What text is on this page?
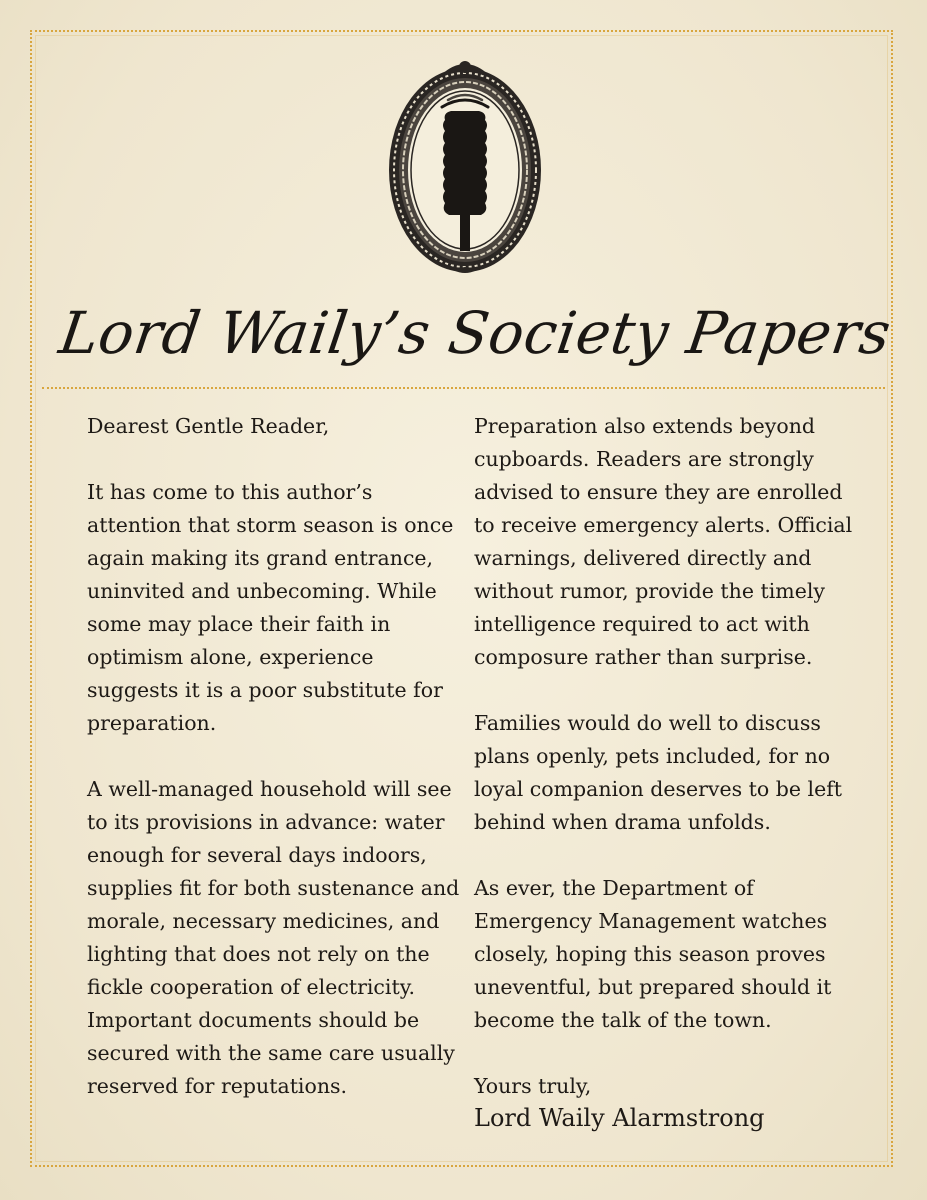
Lord Waily’s Society Papers

Dearest Gentle Reader,

It has come to this author’s attention that storm season is once again making its grand entrance, uninvited and unbecoming. While some may place their faith in optimism alone, experience suggests it is a poor substitute for preparation.

A well-managed household will see to its provisions in advance: water enough for several days indoors, supplies fit for both sustenance and morale, necessary medicines, and lighting that does not rely on the fickle cooperation of electricity. Important documents should be secured with the same care usually reserved for reputations.

Preparation also extends beyond cupboards. Readers are strongly advised to ensure they are enrolled to receive emergency alerts. Official warnings, delivered directly and without rumor, provide the timely intelligence required to act with composure rather than surprise.

Families would do well to discuss plans openly, pets included, for no loyal companion deserves to be left behind when drama unfolds.

As ever, the Department of Emergency Management watches closely, hoping this season proves uneventful, but prepared should it become the talk of the town.

Yours truly,

Lord Waily Alarmstrong
